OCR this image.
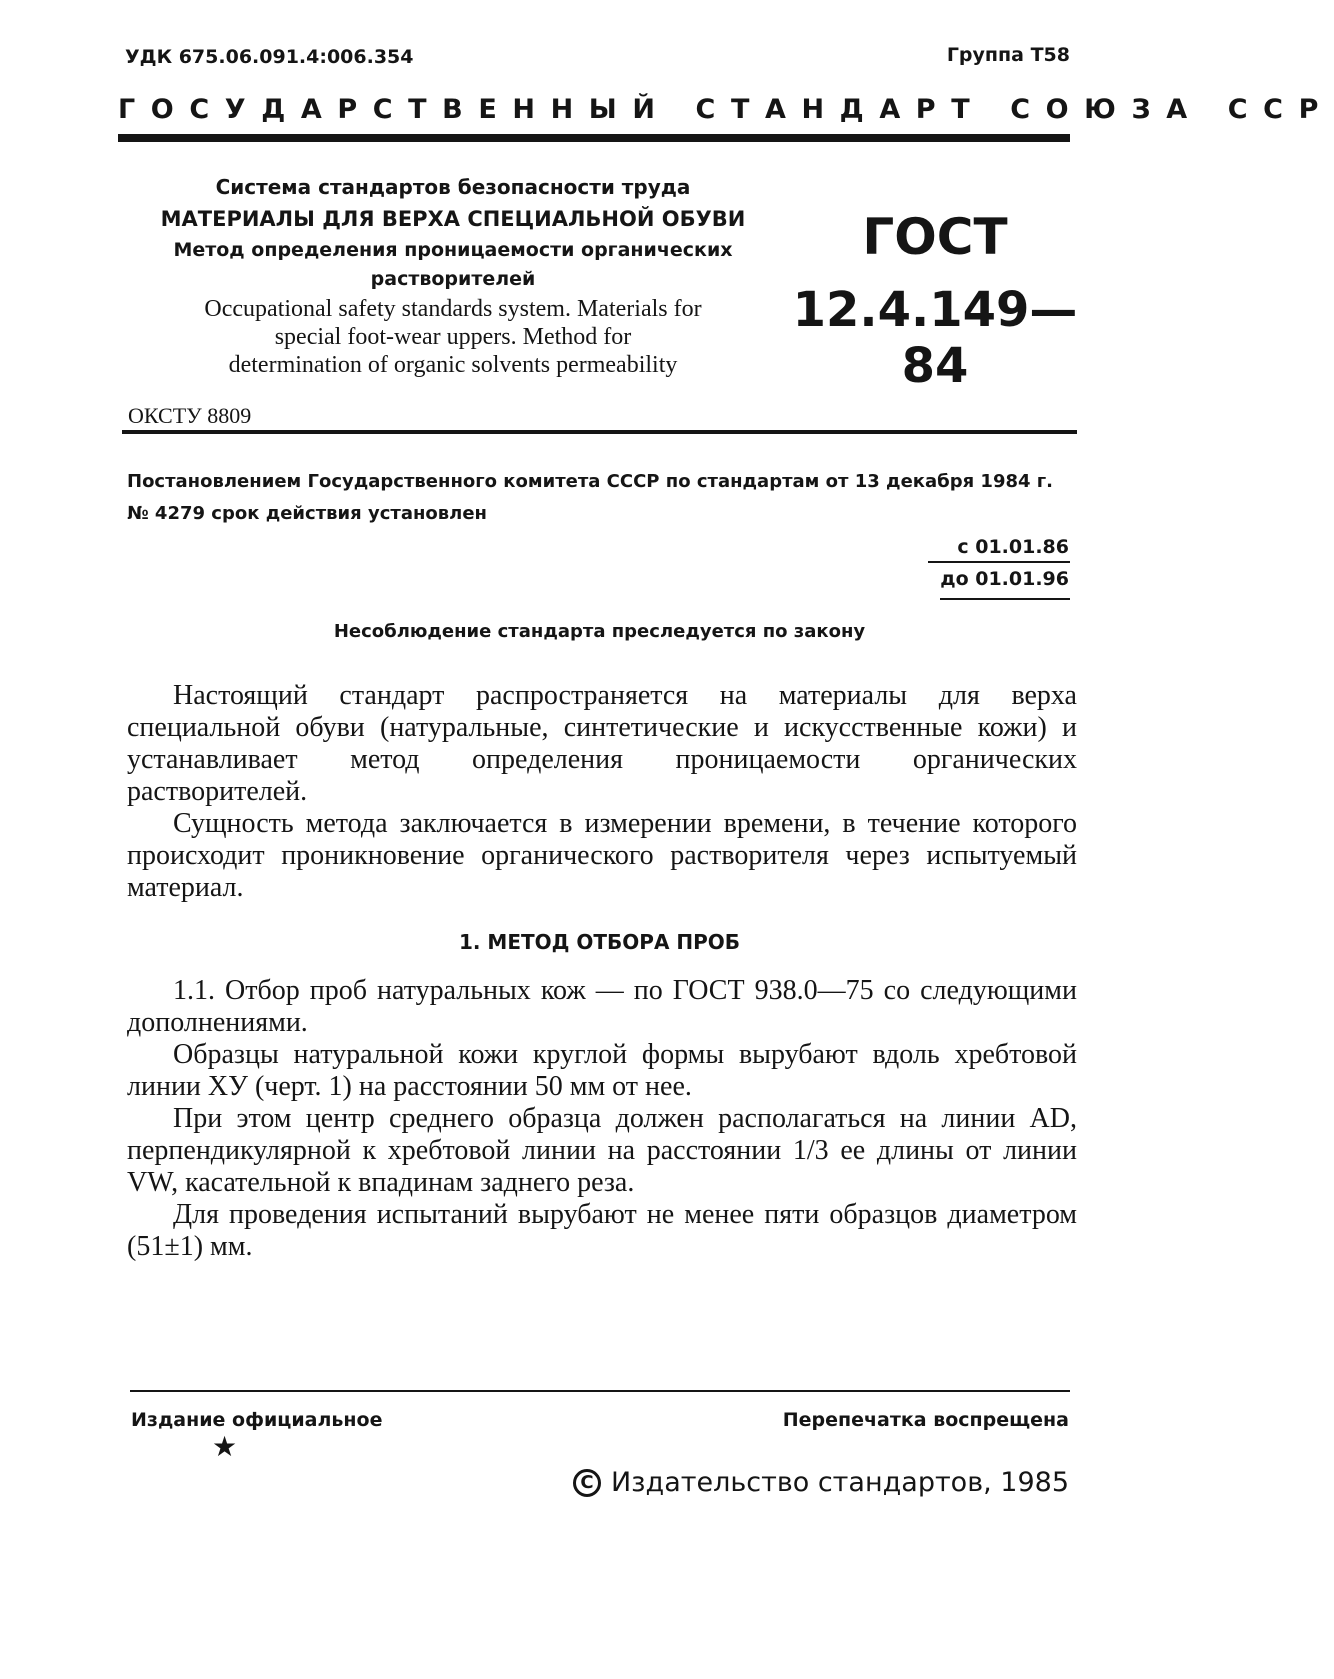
УДК 675.06.091.4:006.354	Группа Т58
ГОСУДАРСТВЕННЫЙ СТАНДАРТ СОЮЗА ССР
Система стандартов безопасности труда
МАТЕРИАЛЫ ДЛЯ ВЕРХА СПЕЦИАЛЬНОЙ ОБУВИ
Метод определения проницаемости органических
растворителей
Occupational safety standards system. Materials for
special foot-wear uppers. Method for
determination of organic solvents permeability
ГОСТ
12.4.149—84
ОКСТУ 8809
Постановлением Государственного комитета СССР по стандартам от 13 декабря 1984 г. № 4279 срок действия установлен
с 01.01.86
до 01.01.96
Несоблюдение стандарта преследуется по закону

Настоящий стандарт распространяется на материалы для верха специальной обуви (натуральные, синтетические и искусственные кожи) и устанавливает метод определения проницаемости органических растворителей.

Сущность метода заключается в измерении времени, в течение которого происходит проникновение органического растворителя через испытуемый материал.

1. МЕТОД ОТБОРА ПРОБ

1.1. Отбор проб натуральных кож — по ГОСТ 938.0—75 со следующими дополнениями.

Образцы натуральной кожи круглой формы вырубают вдоль хребтовой линии ХУ (черт. 1) на расстоянии 50 мм от нее.

При этом центр среднего образца должен располагаться на линии AD, перпендикулярной к хребтовой линии на расстоянии 1/3 ее длины от линии VW, касательной к впадинам заднего реза.

Для проведения испытаний вырубают не менее пяти образцов диаметром (51±1) мм.

Издание официальное	Перепечатка воспрещена
★
C Издательство стандартов, 1985
